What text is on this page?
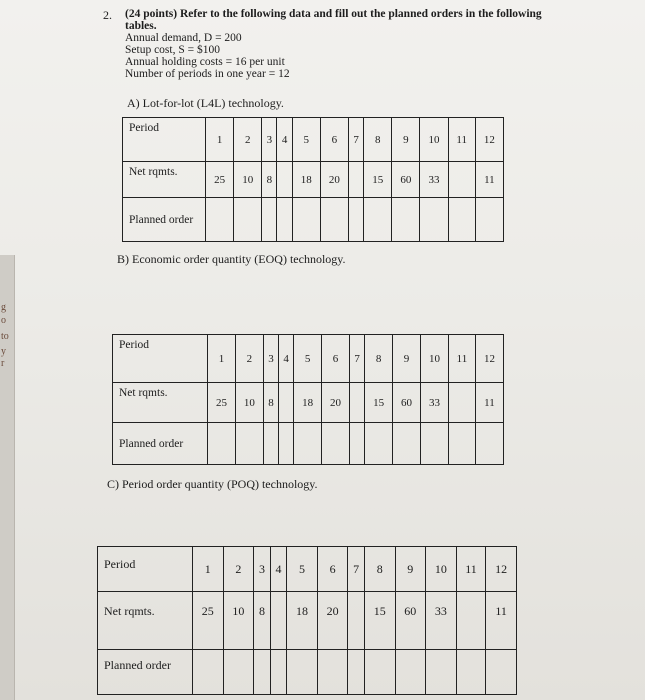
g
o
to
y
r
2. (24 points) Refer to the following data and fill out the planned orders in the following
tables.
Annual demand, D = 200
Setup cost, S = $100
Annual holding costs = 16 per unit
Number of periods in one year = 12
A) Lot-for-lot (L4L) technology.
B) Economic order quantity (EOQ) technology.
C) Period order quantity (POQ) technology.
Period	1	2	3	4	5	6	7	8	9	10	11	12
Net rqmts.	25	10	8		18	20		15	60	33		11
Planned order												
Period	1	2	3	4	5	6	7	8	9	10	11	12
Net rqmts.	25	10	8		18	20		15	60	33		11
Planned order												
Period	1	2	3	4	5	6	7	8	9	10	11	12
Net rqmts.	25	10	8		18	20		15	60	33		11
Planned order												
